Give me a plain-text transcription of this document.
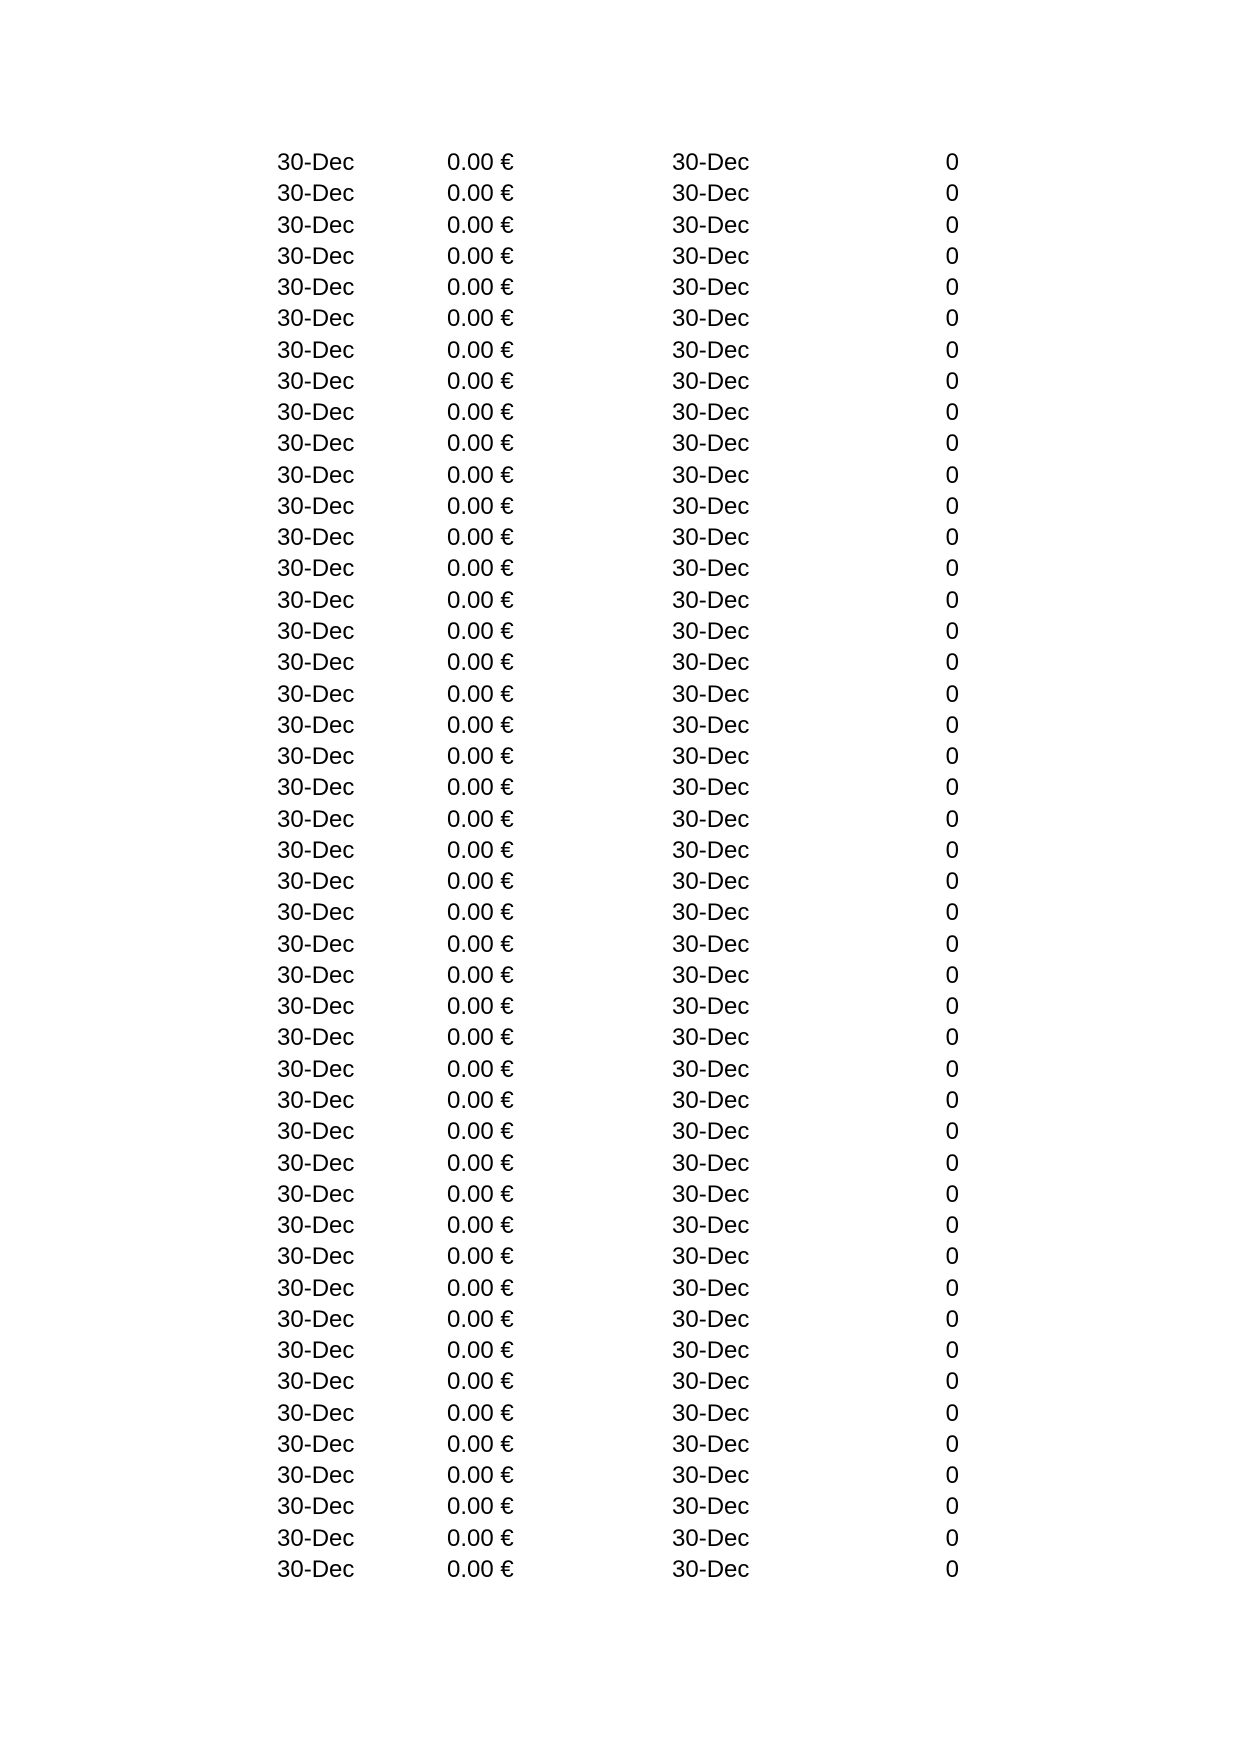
30-Dec	0.00 €	30-Dec	0
30-Dec	0.00 €	30-Dec	0
30-Dec	0.00 €	30-Dec	0
30-Dec	0.00 €	30-Dec	0
30-Dec	0.00 €	30-Dec	0
30-Dec	0.00 €	30-Dec	0
30-Dec	0.00 €	30-Dec	0
30-Dec	0.00 €	30-Dec	0
30-Dec	0.00 €	30-Dec	0
30-Dec	0.00 €	30-Dec	0
30-Dec	0.00 €	30-Dec	0
30-Dec	0.00 €	30-Dec	0
30-Dec	0.00 €	30-Dec	0
30-Dec	0.00 €	30-Dec	0
30-Dec	0.00 €	30-Dec	0
30-Dec	0.00 €	30-Dec	0
30-Dec	0.00 €	30-Dec	0
30-Dec	0.00 €	30-Dec	0
30-Dec	0.00 €	30-Dec	0
30-Dec	0.00 €	30-Dec	0
30-Dec	0.00 €	30-Dec	0
30-Dec	0.00 €	30-Dec	0
30-Dec	0.00 €	30-Dec	0
30-Dec	0.00 €	30-Dec	0
30-Dec	0.00 €	30-Dec	0
30-Dec	0.00 €	30-Dec	0
30-Dec	0.00 €	30-Dec	0
30-Dec	0.00 €	30-Dec	0
30-Dec	0.00 €	30-Dec	0
30-Dec	0.00 €	30-Dec	0
30-Dec	0.00 €	30-Dec	0
30-Dec	0.00 €	30-Dec	0
30-Dec	0.00 €	30-Dec	0
30-Dec	0.00 €	30-Dec	0
30-Dec	0.00 €	30-Dec	0
30-Dec	0.00 €	30-Dec	0
30-Dec	0.00 €	30-Dec	0
30-Dec	0.00 €	30-Dec	0
30-Dec	0.00 €	30-Dec	0
30-Dec	0.00 €	30-Dec	0
30-Dec	0.00 €	30-Dec	0
30-Dec	0.00 €	30-Dec	0
30-Dec	0.00 €	30-Dec	0
30-Dec	0.00 €	30-Dec	0
30-Dec	0.00 €	30-Dec	0
30-Dec	0.00 €	30-Dec	0
